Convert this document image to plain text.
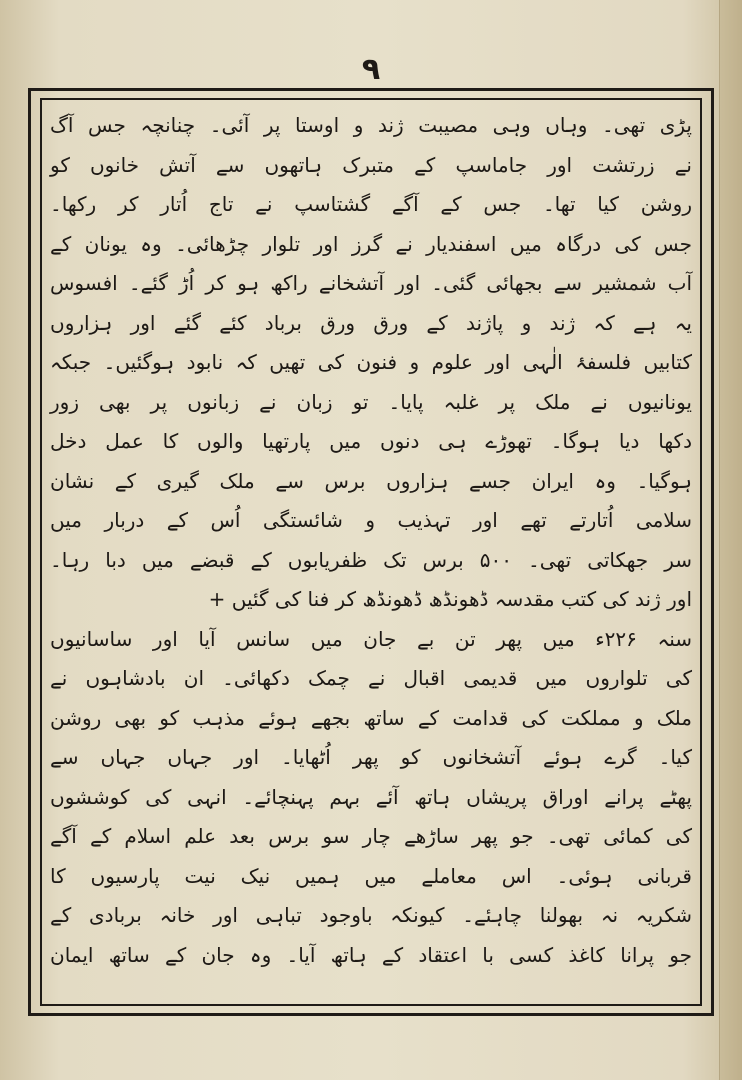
۹
پڑی تھی۔ وہاں وہی مصیبت ژند و اوستا پر آئی۔ چنانچہ جس آگ
نے زرتشت اور جاماسپ کے متبرک ہاتھوں سے آتش خانوں کو
روشن کیا تھا۔ جس کے آگے گشتاسپ نے تاج اُتار کر رکھا۔
جس کی درگاہ میں اسفندیار نے گرز اور تلوار چڑھائی۔ وہ یونان کے
آب شمشیر سے بجھائی گئی۔ اور آتشخانے راکھ ہو کر اُڑ گئے۔ افسوس
یہ ہے کہ ژند و پاژند کے ورق ورق برباد کئے گئے اور ہزاروں
کتابیں فلسفۂ الٰہی اور علوم و فنون کی تھیں کہ نابود ہوگئیں۔ جبکہ
یونانیوں نے ملک پر غلبہ پایا۔ تو زبان نے زبانوں پر بھی زور
دکھا دیا ہوگا۔ تھوڑے ہی دنوں میں پارتھیا والوں کا عمل دخل
ہوگیا۔ وہ ایران جسے ہزاروں برس سے ملک گیری کے نشان
سلامی اُتارتے تھے اور تہذیب و شائستگی اُس کے دربار میں
سر جھکاتی تھی۔ ۵۰۰ برس تک ظفریابوں کے قبضے میں دبا رہا۔
اور ژند کی کتب مقدسہ ڈھونڈھ ڈھونڈھ کر فنا کی گئیں +
سنہ ۲۲۶ء میں پھر تن بے جان میں سانس آیا اور ساسانیوں
کی تلواروں میں قدیمی اقبال نے چمک دکھائی۔ ان بادشاہوں نے
ملک و مملکت کی قدامت کے ساتھ بجھے ہوئے مذہب کو بھی روشن
کیا۔ گرے ہوئے آتشخانوں کو پھر اُٹھایا۔ اور جہاں جہاں سے
پھٹے پرانے اوراق پریشاں ہاتھ آئے بہم پہنچائے۔ انہی کی کوششوں
کی کمائی تھی۔ جو پھر ساڑھے چار سو برس بعد علم اسلام کے آگے
قربانی ہوئی۔ اس معاملے میں ہمیں نیک نیت پارسیوں کا
شکریہ نہ بھولنا چاہئے۔ کیونکہ باوجود تباہی اور خانہ بربادی کے
جو پرانا کاغذ کسی با اعتقاد کے ہاتھ آیا۔ وہ جان کے ساتھ ایمان
